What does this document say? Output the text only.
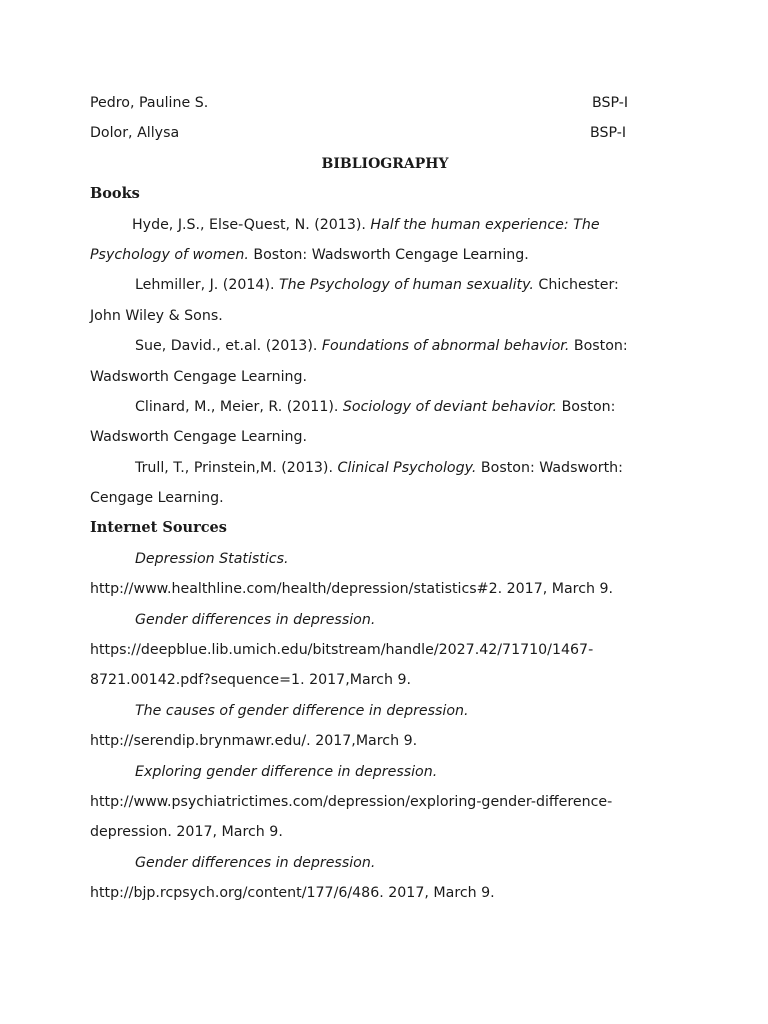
Pedro, Pauline S.	BSP-I
Dolor, Allysa	BSP-I
BIBLIOGRAPHY
Books
Hyde, J.S., Else-Quest, N. (2013). Half the human experience: The
Psychology of women. Boston: Wadsworth Cengage Learning.
Lehmiller, J. (2014). The Psychology of human sexuality. Chichester:
John Wiley & Sons.
Sue, David., et.al. (2013). Foundations of abnormal behavior. Boston:
Wadsworth Cengage Learning.
Clinard, M., Meier, R. (2011). Sociology of deviant behavior. Boston:
Wadsworth Cengage Learning.
Trull, T., Prinstein,M. (2013). Clinical Psychology. Boston: Wadsworth:
Cengage Learning.
Internet Sources
Depression Statistics.
http://www.healthline.com/health/depression/statistics#2. 2017, March 9.
Gender differences in depression.
https://deepblue.lib.umich.edu/bitstream/handle/2027.42/71710/1467-
8721.00142.pdf?sequence=1. 2017,March 9.
The causes of gender difference in depression.
http://serendip.brynmawr.edu/. 2017,March 9.
Exploring gender difference in depression.
http://www.psychiatrictimes.com/depression/exploring-gender-difference-
depression. 2017, March 9.
Gender differences in depression.
http://bjp.rcpsych.org/content/177/6/486. 2017, March 9.
